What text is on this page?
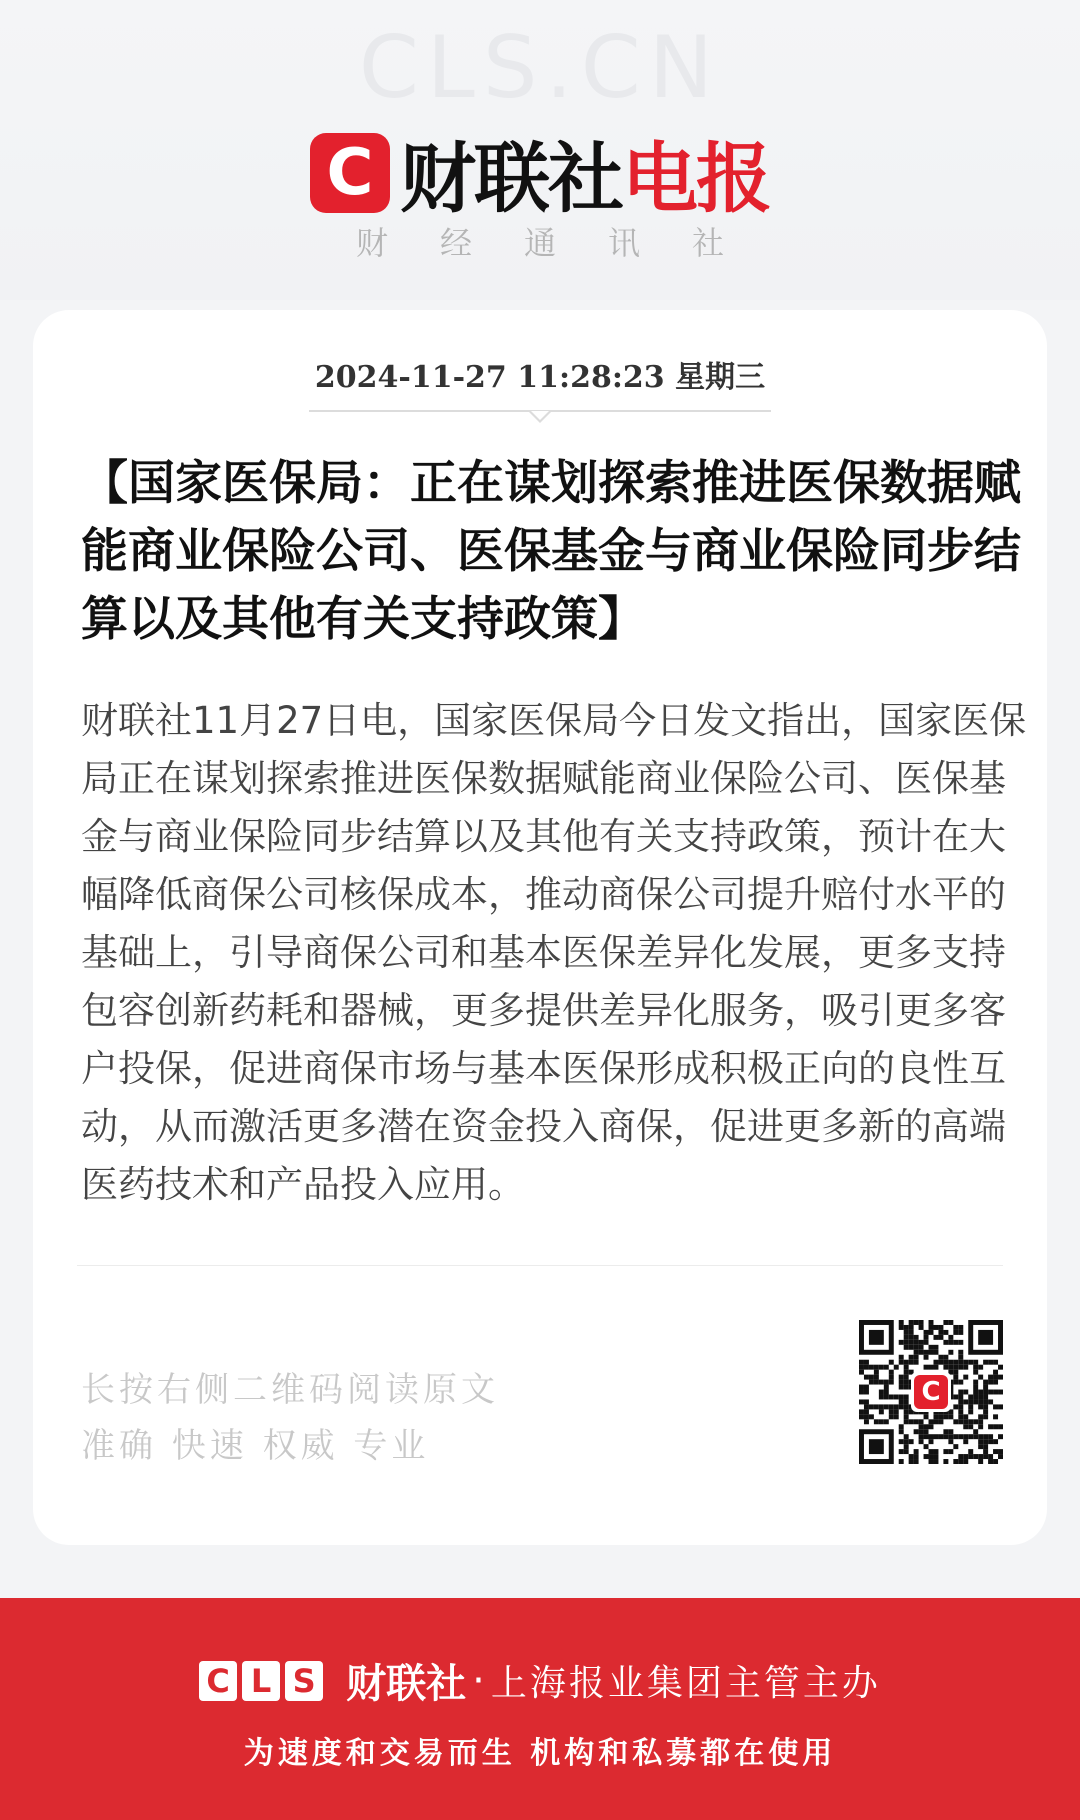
CLS.CN
C 财联社 电报
财经通讯社
2024-11-27 11:28:23 星期三
【国家医保局：正在谋划探索推进医保数据赋能商业保险公司、医保基金与商业保险同步结算以及其他有关支持政策】
财联社11月27日电，国家医保局今日发文指出，国家医保局正在谋划探索推进医保数据赋能商业保险公司、医保基金与商业保险同步结算以及其他有关支持政策，预计在大幅降低商保公司核保成本，推动商保公司提升赔付水平的基础上，引导商保公司和基本医保差异化发展，更多支持包容创新药耗和器械，更多提供差异化服务，吸引更多客户投保，促进商保市场与基本医保形成积极正向的良性互动，从而激活更多潜在资金投入商保，促进更多新的高端医药技术和产品投入应用。
长按右侧二维码阅读原文
准确 快速 权威 专业
C
C L S 财联社 · 上海报业集团主管主办
为速度和交易而生 机构和私募都在使用
